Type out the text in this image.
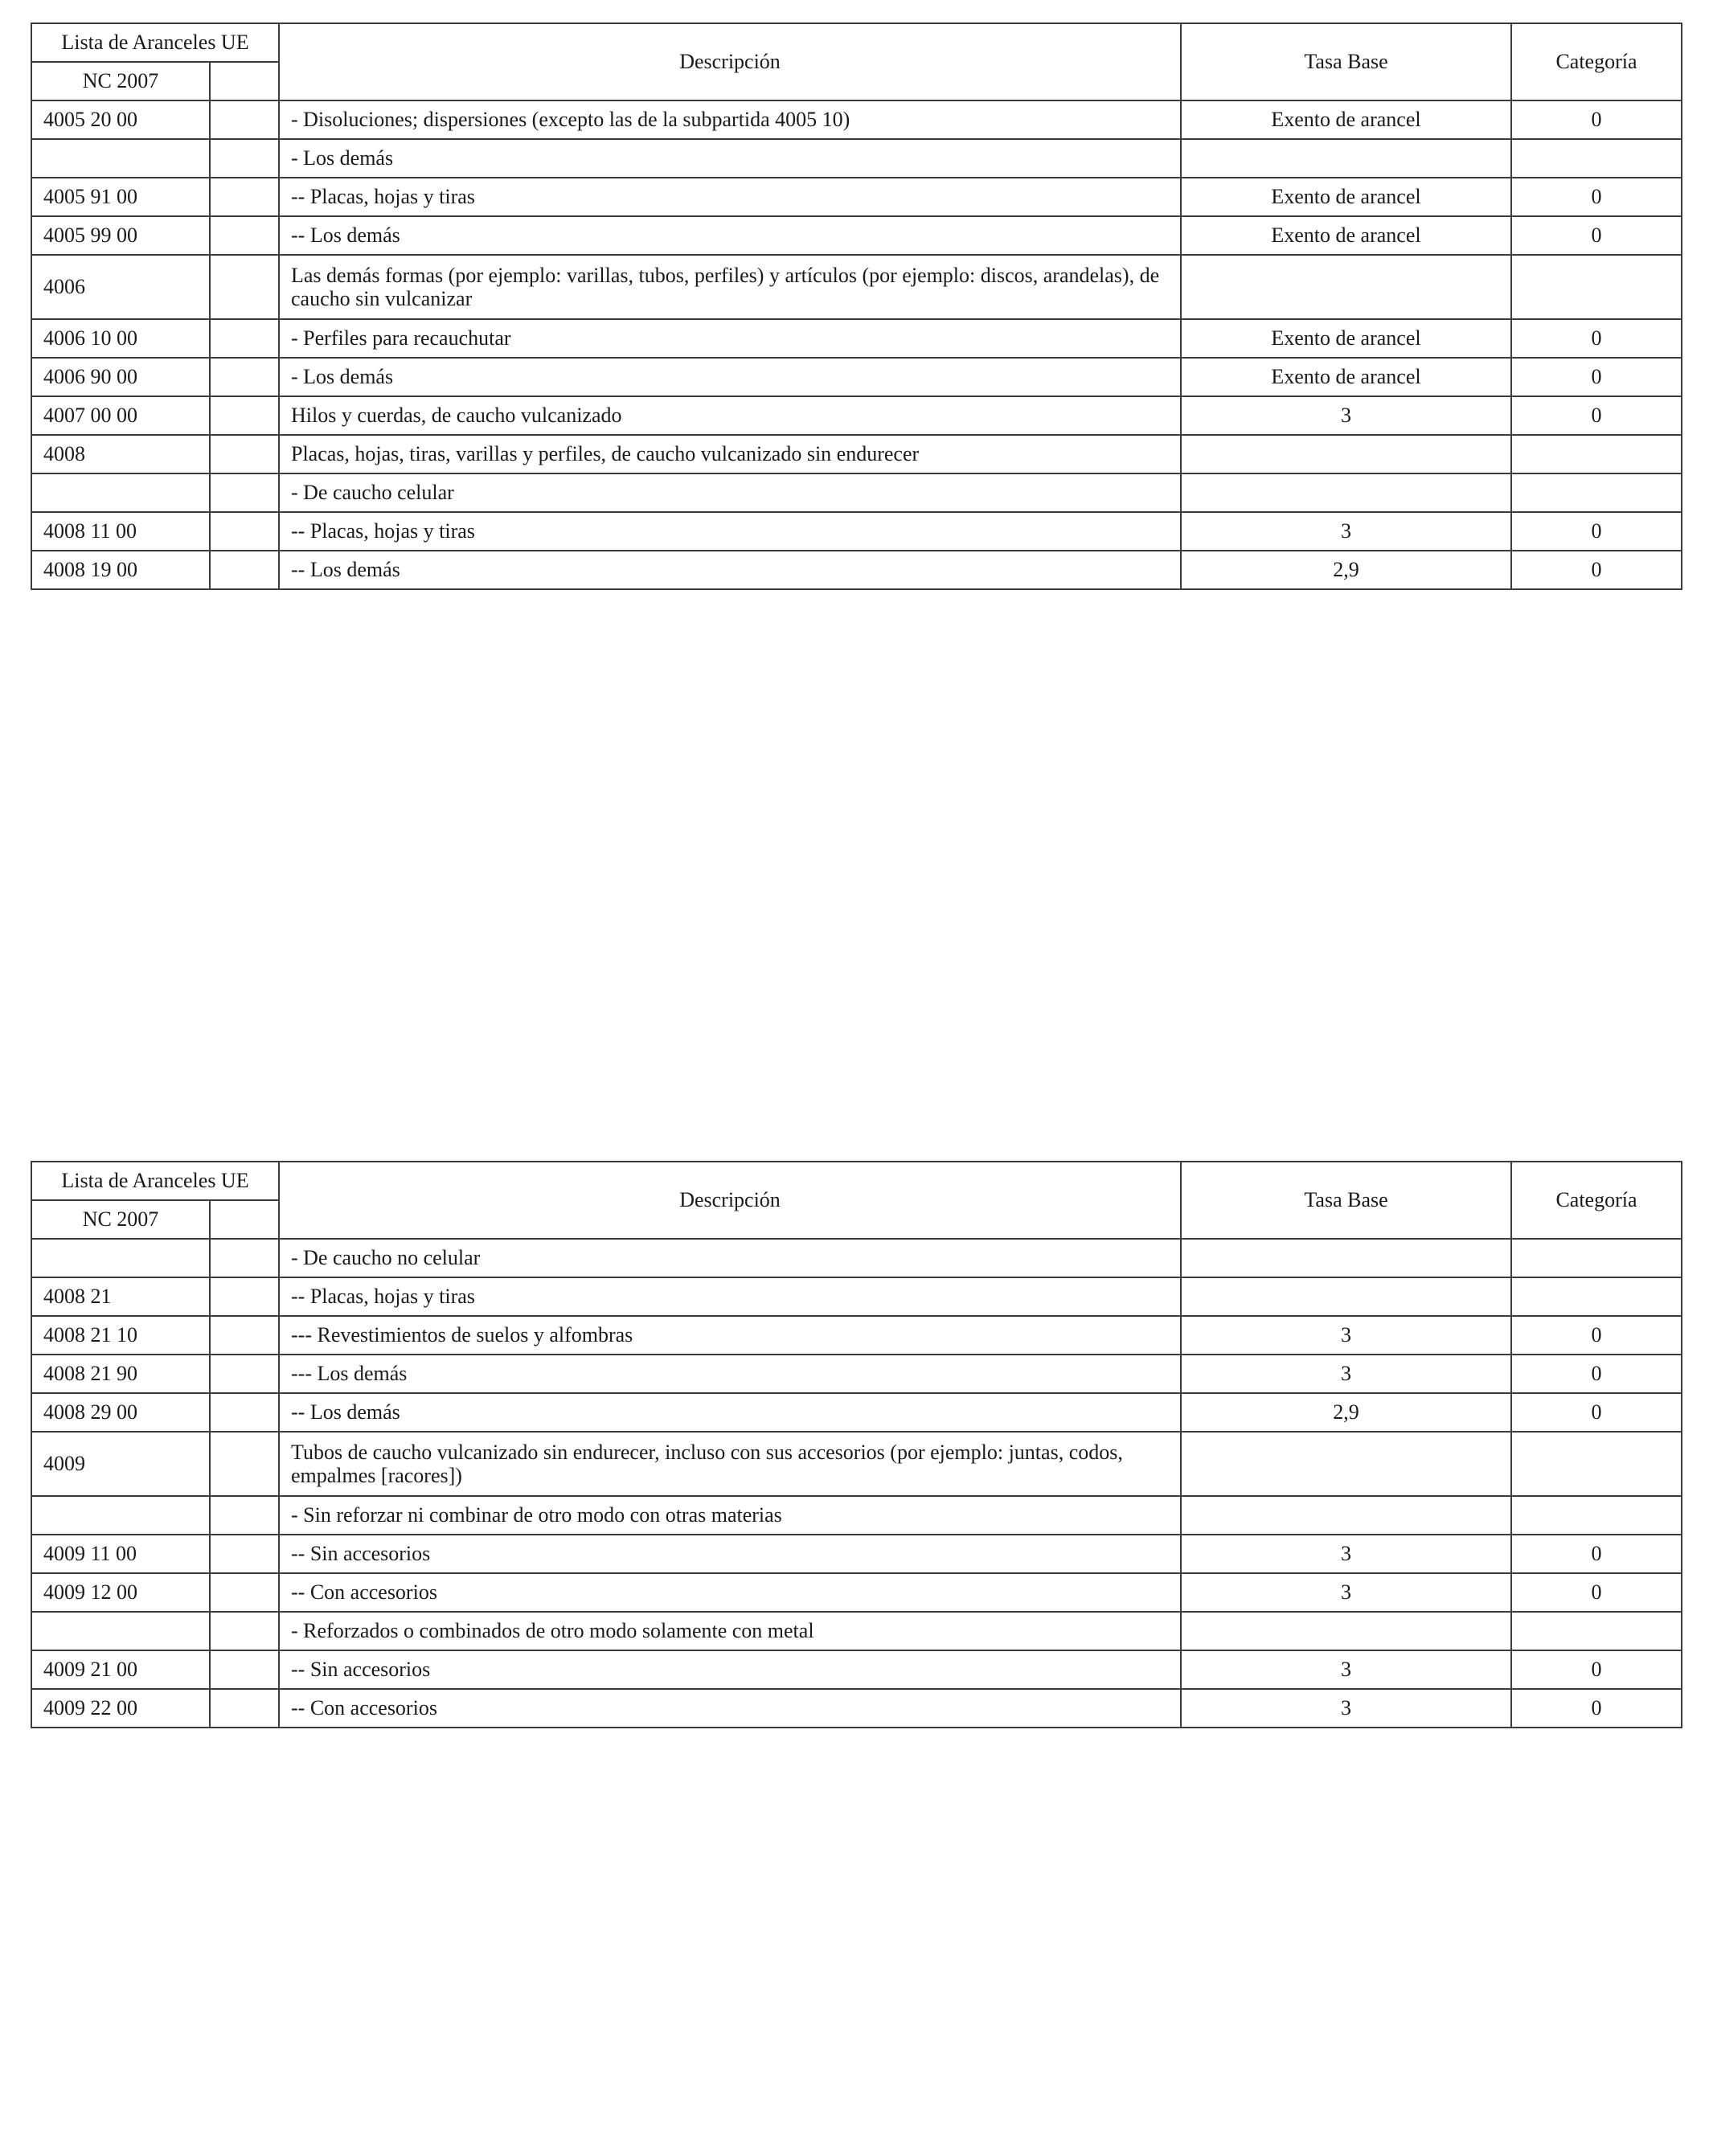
Lista de Aranceles UE		Descripción	Tasa Base	Categoría
NC 2007				
4005 20 00		- Disoluciones; dispersiones (excepto las de la subpartida 4005 10)	Exento de arancel	0
		- Los demás		
4005 91 00		-- Placas, hojas y tiras	Exento de arancel	0
4005 99 00		-- Los demás	Exento de arancel	0
4006		Las demás formas (por ejemplo: varillas, tubos, perfiles) y artículos (por ejemplo: discos, arandelas), de caucho sin vulcanizar		
4006 10 00		- Perfiles para recauchutar	Exento de arancel	0
4006 90 00		- Los demás	Exento de arancel	0
4007 00 00		Hilos y cuerdas, de caucho vulcanizado	3	0
4008		Placas, hojas, tiras, varillas y perfiles, de caucho vulcanizado sin endurecer		
		- De caucho celular		
4008 11 00		-- Placas, hojas y tiras	3	0
4008 19 00		-- Los demás	2,9	0
Lista de Aranceles UE		Descripción	Tasa Base	Categoría
NC 2007				
		- De caucho no celular		
4008 21		-- Placas, hojas y tiras		
4008 21 10		--- Revestimientos de suelos y alfombras	3	0
4008 21 90		--- Los demás	3	0
4008 29 00		-- Los demás	2,9	0
4009		Tubos de caucho vulcanizado sin endurecer, incluso con sus accesorios (por ejemplo: juntas, codos, empalmes [racores])		
		- Sin reforzar ni combinar de otro modo con otras materias		
4009 11 00		-- Sin accesorios	3	0
4009 12 00		-- Con accesorios	3	0
		- Reforzados o combinados de otro modo solamente con metal		
4009 21 00		-- Sin accesorios	3	0
4009 22 00		-- Con accesorios	3	0
